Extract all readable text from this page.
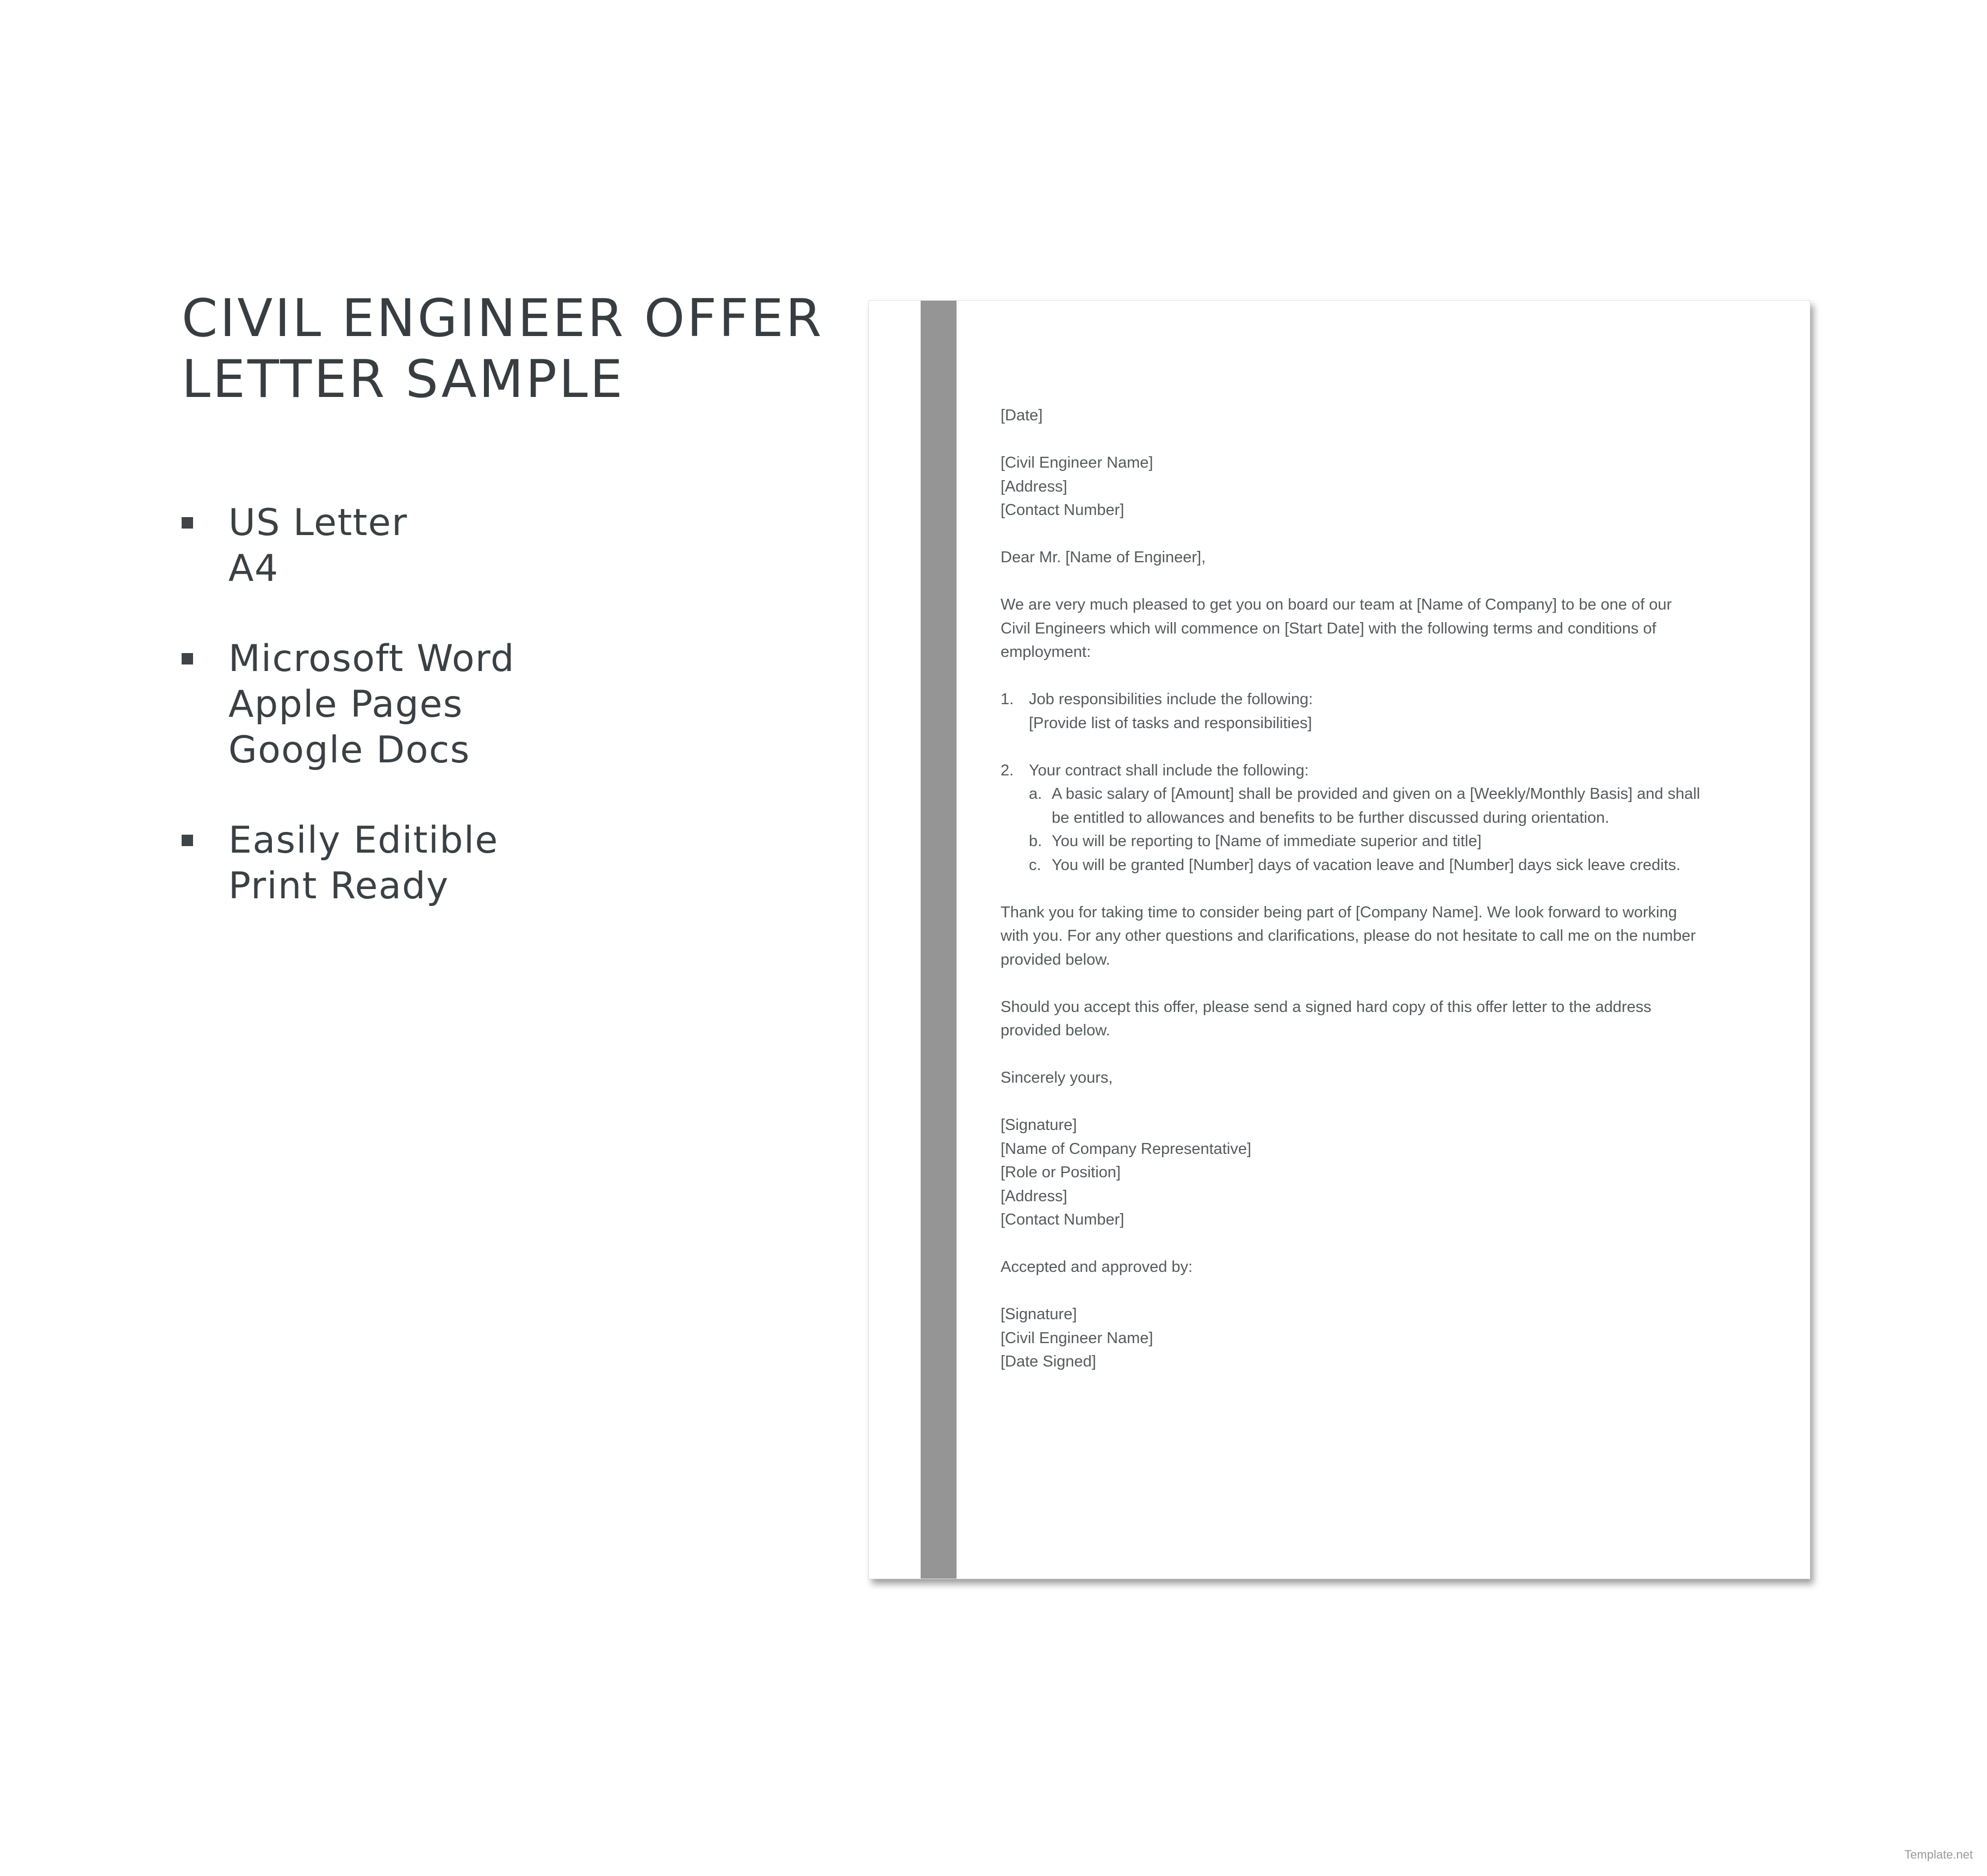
CIVIL ENGINEER OFFER
LETTER SAMPLE
US Letter
A4
Microsoft Word
Apple Pages
Google Docs
Easily Editible
Print Ready

[Date]

[Civil Engineer Name]

[Address]

[Contact Number]

Dear Mr. [Name of Engineer],

We are very much pleased to get you on board our team at [Name of Company] to be one of our

Civil Engineers which will commence on [Start Date] with the following terms and conditions of

employment:

1. Job responsibilities include the following:

[Provide list of tasks and responsibilities]

2. Your contract shall include the following:

a. A basic salary of [Amount] shall be provided and given on a [Weekly/Monthly Basis] and shall

be entitled to allowances and benefits to be further discussed during orientation.

b. You will be reporting to [Name of immediate superior and title]

c. You will be granted [Number] days of vacation leave and [Number] days sick leave credits.

Thank you for taking time to consider being part of [Company Name]. We look forward to working

with you. For any other questions and clarifications, please do not hesitate to call me on the number

provided below.

Should you accept this offer, please send a signed hard copy of this offer letter to the address

provided below.

Sincerely yours,

[Signature]

[Name of Company Representative]

[Role or Position]

[Address]

[Contact Number]

Accepted and approved by:

[Signature]

[Civil Engineer Name]

[Date Signed]

Template.net
